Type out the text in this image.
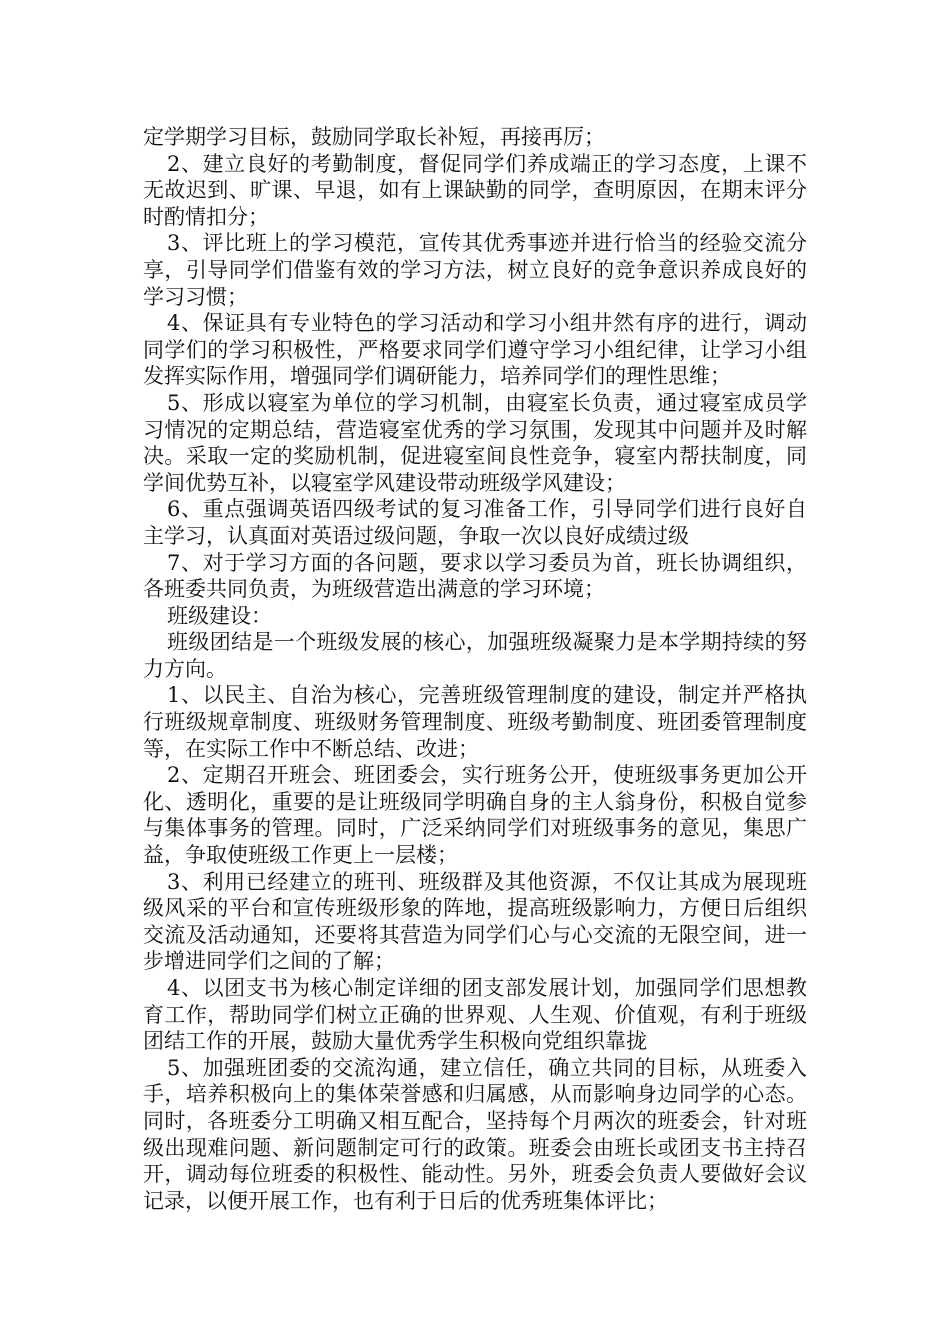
定学期学习目标，鼓励同学取长补短，再接再厉；

2、建立良好的考勤制度，督促同学们养成端正的学习态度，上课不无故迟到、旷课、早退，如有上课缺勤的同学，查明原因，在期末评分时酌情扣分；

3、评比班上的学习模范，宣传其优秀事迹并进行恰当的经验交流分享，引导同学们借鉴有效的学习方法，树立良好的竞争意识养成良好的学习习惯；

4、保证具有专业特色的学习活动和学习小组井然有序的进行，调动同学们的学习积极性，严格要求同学们遵守学习小组纪律，让学习小组发挥实际作用，增强同学们调研能力，培养同学们的理性思维；

5、形成以寝室为单位的学习机制，由寝室长负责，通过寝室成员学习情况的定期总结，营造寝室优秀的学习氛围，发现其中问题并及时解决。采取一定的奖励机制，促进寝室间良性竞争，寝室内帮扶制度，同学间优势互补，以寝室学风建设带动班级学风建设；

6、重点强调英语四级考试的复习准备工作，引导同学们进行良好自主学习，认真面对英语过级问题，争取一次以良好成绩过级

7、对于学习方面的各问题，要求以学习委员为首，班长协调组织，各班委共同负责，为班级营造出满意的学习环境；

班级建设：

班级团结是一个班级发展的核心，加强班级凝聚力是本学期持续的努力方向。

1、以民主、自治为核心，完善班级管理制度的建设，制定并严格执行班级规章制度、班级财务管理制度、班级考勤制度、班团委管理制度等，在实际工作中不断总结、改进；

2、定期召开班会、班团委会，实行班务公开，使班级事务更加公开化、透明化，重要的是让班级同学明确自身的主人翁身份，积极自觉参与集体事务的管理。同时，广泛采纳同学们对班级事务的意见，集思广益，争取使班级工作更上一层楼；

3、利用已经建立的班刊、班级群及其他资源，不仅让其成为展现班级风采的平台和宣传班级形象的阵地，提高班级影响力，方便日后组织交流及活动通知，还要将其营造为同学们心与心交流的无限空间，进一步增进同学们之间的了解；

4、以团支书为核心制定详细的团支部发展计划，加强同学们思想教育工作，帮助同学们树立正确的世界观、人生观、价值观，有利于班级团结工作的开展，鼓励大量优秀学生积极向党组织靠拢

5、加强班团委的交流沟通，建立信任，确立共同的目标，从班委入手，培养积极向上的集体荣誉感和归属感，从而影响身边同学的心态。同时，各班委分工明确又相互配合，坚持每个月两次的班委会，针对班级出现难问题、新问题制定可行的政策。班委会由班长或团支书主持召开，调动每位班委的积极性、能动性。另外，班委会负责人要做好会议记录，以便开展工作，也有利于日后的优秀班集体评比；
